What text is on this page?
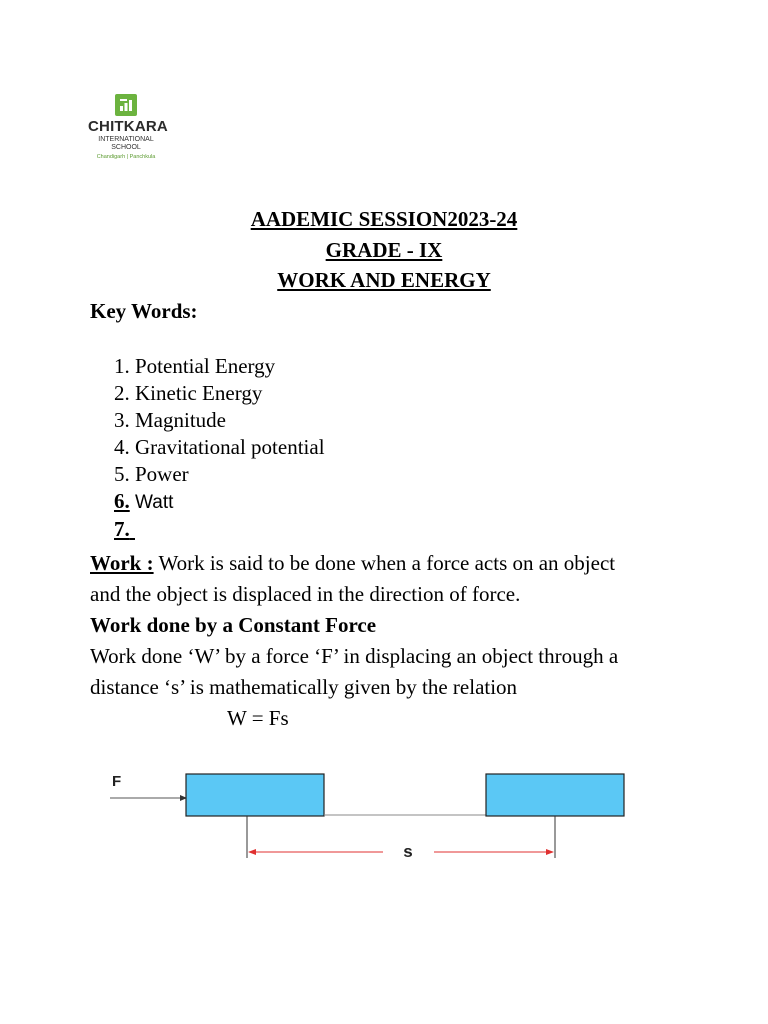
CHITKARA
INTERNATIONAL
SCHOOL
Chandigarh | Panchkula
AADEMIC SESSION2023-24
GRADE - IX
WORK AND ENERGY
Key Words:
1. Potential Energy
2. Kinetic Energy
3. Magnitude
4. Gravitational potential
5. Power
6. Watt
7.
Work : Work is said to be done when a force acts on an object
and the object is displaced in the direction of force.
Work done by a Constant Force
Work done ‘W’ by a force ‘F’ in displacing an object through a
distance ‘s’ is mathematically given by the relation
W = Fs
F
s
